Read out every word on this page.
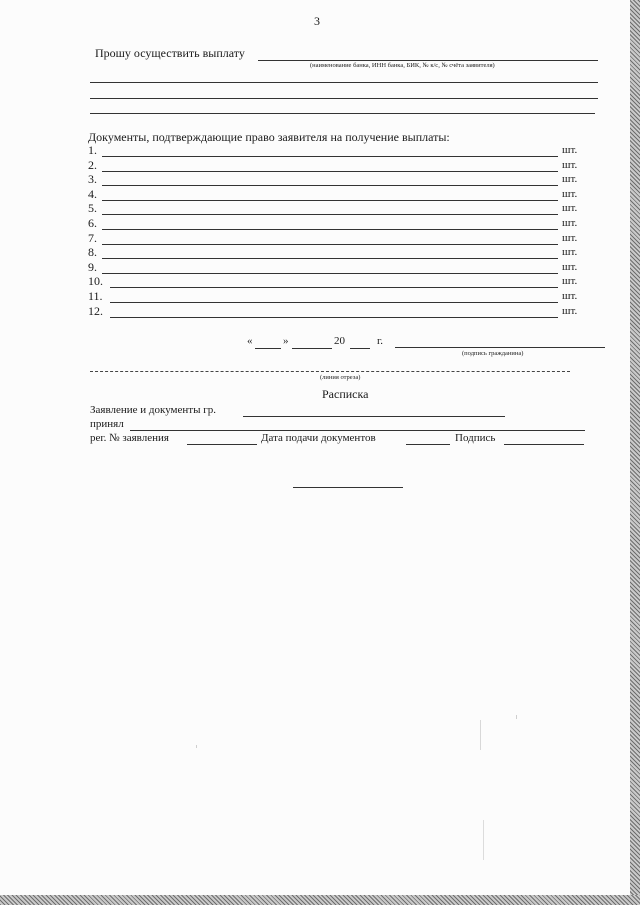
3
Прошу осуществить выплату
(наименование банка, ИНН банка, БИК, № к/с, № счёта заявителя)
Документы, подтверждающие право заявителя на получение выплаты:
1.	шт.
2.	шт.
3.	шт.
4.	шт.
5.	шт.
6.	шт.
7.	шт.
8.	шт.
9.	шт.
10.	шт.
11.	шт.
12.	шт.
«	»	20	г.
(подпись гражданина)
(линия отреза)
Расписка
Заявление и документы гр.
принял
рег. № заявления	Дата подачи документов	Подпись
